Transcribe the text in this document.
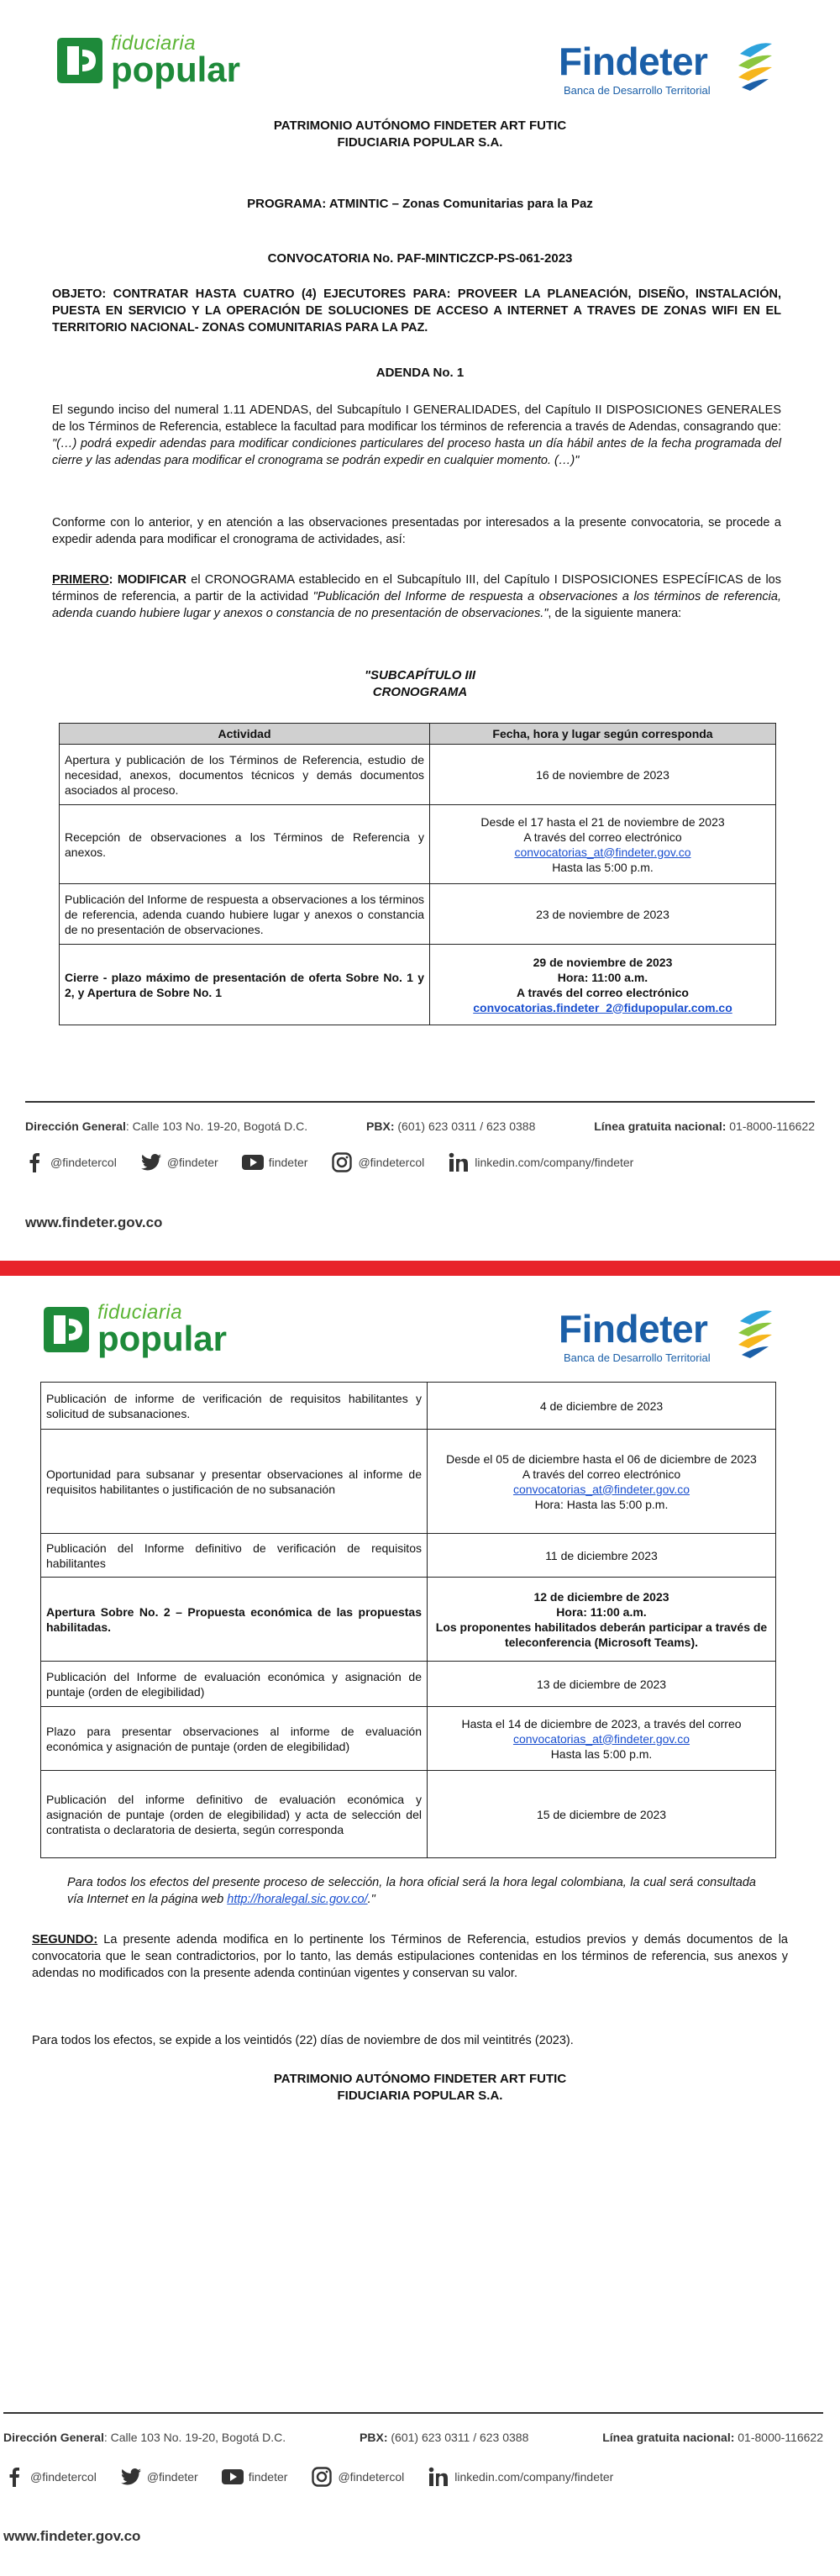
fiduciaria
popular	Findeter
Banca de Desarrollo Territorial
PATRIMONIO AUTÓNOMO FINDETER ART FUTIC
FIDUCIARIA POPULAR S.A.
PROGRAMA: ATMINTIC – Zonas Comunitarias para la Paz
CONVOCATORIA No. PAF-MINTICZCP-PS-061-2023
OBJETO: CONTRATAR HASTA CUATRO (4) EJECUTORES PARA: PROVEER LA PLANEACIÓN, DISEÑO, INSTALACIÓN, PUESTA EN SERVICIO Y LA OPERACIÓN DE SOLUCIONES DE ACCESO A INTERNET A TRAVES DE ZONAS WIFI EN EL TERRITORIO NACIONAL- ZONAS COMUNITARIAS PARA LA PAZ.
ADENDA No. 1
El segundo inciso del numeral 1.11 ADENDAS, del Subcapítulo I GENERALIDADES, del Capítulo II DISPOSICIONES GENERALES de los Términos de Referencia, establece la facultad para modificar los términos de referencia a través de Adendas, consagrando que: "(…) podrá expedir adendas para modificar condiciones particulares del proceso hasta un día hábil antes de la fecha programada del cierre y las adendas para modificar el cronograma se podrán expedir en cualquier momento. (…)"
Conforme con lo anterior, y en atención a las observaciones presentadas por interesados a la presente convocatoria, se procede a expedir adenda para modificar el cronograma de actividades, así:
PRIMERO: MODIFICAR el CRONOGRAMA establecido en el Subcapítulo III, del Capítulo I DISPOSICIONES ESPECÍFICAS de los términos de referencia, a partir de la actividad "Publicación del Informe de respuesta a observaciones a los términos de referencia, adenda cuando hubiere lugar y anexos o constancia de no presentación de observaciones.", de la siguiente manera:
"SUBCAPÍTULO III
CRONOGRAMA
Actividad	Fecha, hora y lugar según corresponda
Apertura y publicación de los Términos de Referencia, estudio de necesidad, anexos, documentos técnicos y demás documentos asociados al proceso.	16 de noviembre de 2023
Recepción de observaciones a los Términos de Referencia y anexos.	Desde el 17 hasta el 21 de noviembre de 2023
A través del correo electrónico
convocatorias_at@findeter.gov.co
Hasta las 5:00 p.m.

Publicación del Informe de respuesta a observaciones a los términos de referencia, adenda cuando hubiere lugar y anexos o constancia de no presentación de observaciones.	23 de noviembre de 2023
Cierre - plazo máximo de presentación de oferta Sobre No. 1 y 2, y Apertura de Sobre No. 1	29 de noviembre de 2023
Hora: 11:00 a.m.
A través del correo electrónico
convocatorias.findeter_2@fidupopular.com.co
Dirección General: Calle 103 No. 19-20, Bogotá D.C.	PBX: (601) 623 0311 / 623 0388	Línea gratuita nacional: 01-8000-116622
@findetercol	@findeter	findeter	@findetercol	linkedin.com/company/findeter
www.findeter.gov.co
fiduciaria
popular	Findeter
Banca de Desarrollo Territorial
Publicación de informe de verificación de requisitos habilitantes y solicitud de subsanaciones.	4 de diciembre de 2023
Oportunidad para subsanar y presentar observaciones al informe de requisitos habilitantes o justificación de no subsanación	Desde el 05 de diciembre hasta el 06 de diciembre de 2023
A través del correo electrónico
convocatorias_at@findeter.gov.co
Hora: Hasta las 5:00 p.m.

Publicación del Informe definitivo de verificación de requisitos habilitantes	11 de diciembre 2023
Apertura Sobre No. 2 – Propuesta económica de las propuestas habilitadas.	12 de diciembre de 2023
Hora: 11:00 a.m.
Los proponentes habilitados deberán participar a través de teleconferencia (Microsoft Teams).

Publicación del Informe de evaluación económica y asignación de puntaje (orden de elegibilidad)	13 de diciembre de 2023
Plazo para presentar observaciones al informe de evaluación económica y asignación de puntaje (orden de elegibilidad)	Hasta el 14 de diciembre de 2023, a través del correo
convocatorias_at@findeter.gov.co
Hasta las 5:00 p.m.

Publicación del informe definitivo de evaluación económica y asignación de puntaje (orden de elegibilidad) y acta de selección del contratista o declaratoria de desierta, según corresponda	15 de diciembre de 2023
Para todos los efectos del presente proceso de selección, la hora oficial será la hora legal colombiana, la cual será consultada vía Internet en la página web http://horalegal.sic.gov.co/."
SEGUNDO: La presente adenda modifica en lo pertinente los Términos de Referencia, estudios previos y demás documentos de la convocatoria que le sean contradictorios, por lo tanto, las demás estipulaciones contenidas en los términos de referencia, sus anexos y adendas no modificados con la presente adenda continúan vigentes y conservan su valor.
Para todos los efectos, se expide a los veintidós (22) días de noviembre de dos mil veintitrés (2023).
PATRIMONIO AUTÓNOMO FINDETER ART FUTIC
FIDUCIARIA POPULAR S.A.
Dirección General: Calle 103 No. 19-20, Bogotá D.C.	PBX: (601) 623 0311 / 623 0388	Línea gratuita nacional: 01-8000-116622
@findetercol	@findeter	findeter	@findetercol	linkedin.com/company/findeter
www.findeter.gov.co
